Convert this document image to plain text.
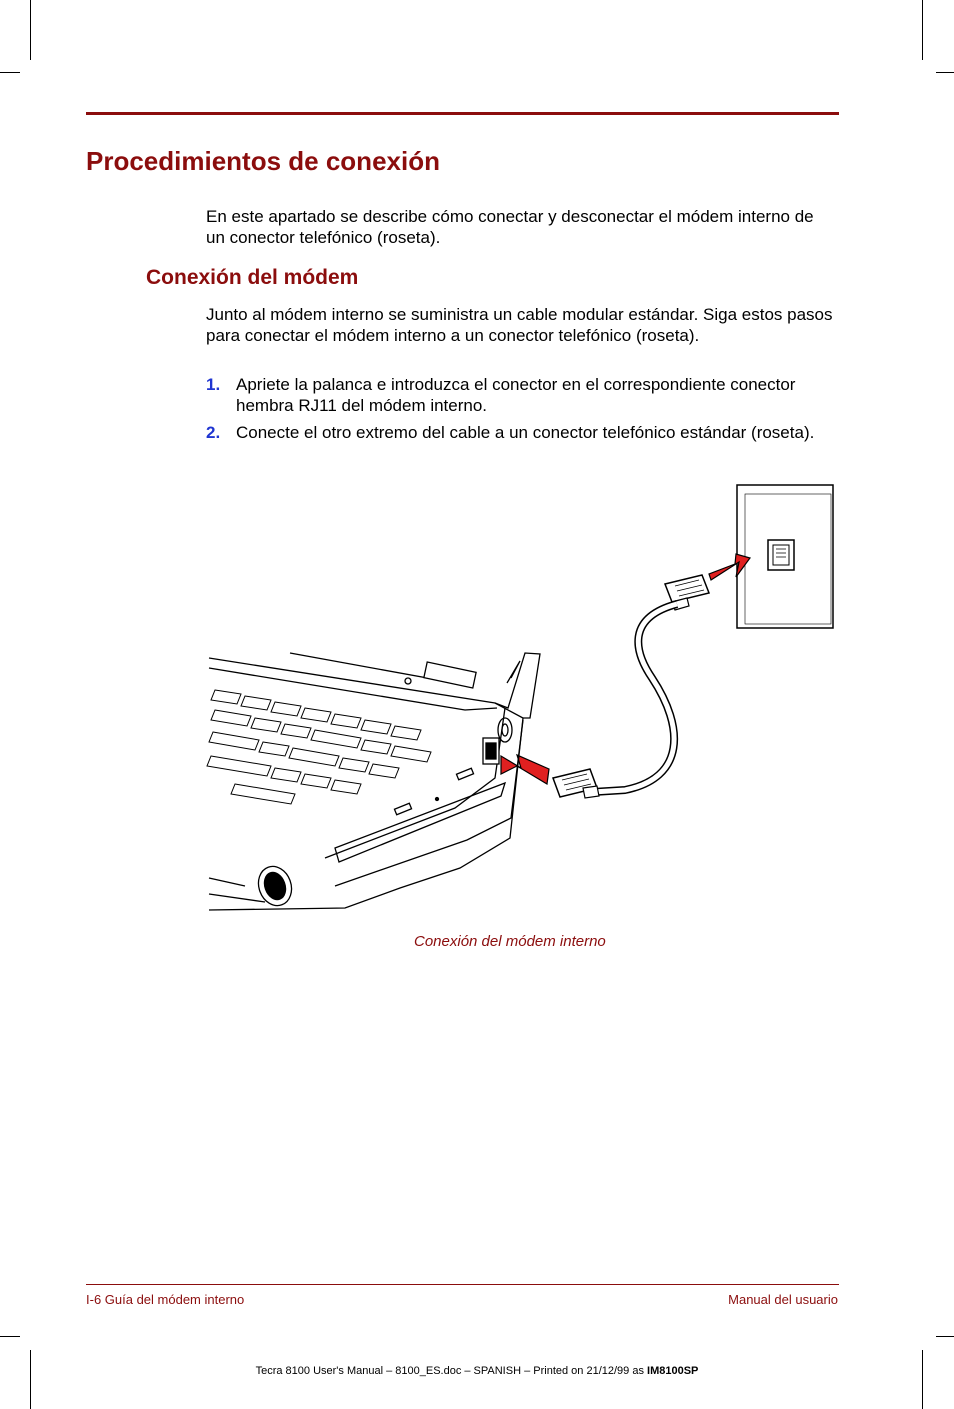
Procedimientos de conexión

En este apartado se describe cómo conectar y desconectar el módem interno de un conector telefónico (roseta).

Conexión del módem

Junto al módem interno se suministra un cable modular estándar. Siga estos pasos para conectar el módem interno a un conector telefónico (roseta).

1. Apriete la palanca e introduzca el conector en el correspondiente conector hembra RJ11 del módem interno.
2. Conecte el otro extremo del cable a un conector telefónico estándar (roseta).

Conexión del módem interno

I-6 Guía del módem interno	Manual del usuario
Tecra 8100 User's Manual – 8100_ES.doc – SPANISH – Printed on 21/12/99 as IM8100SP
